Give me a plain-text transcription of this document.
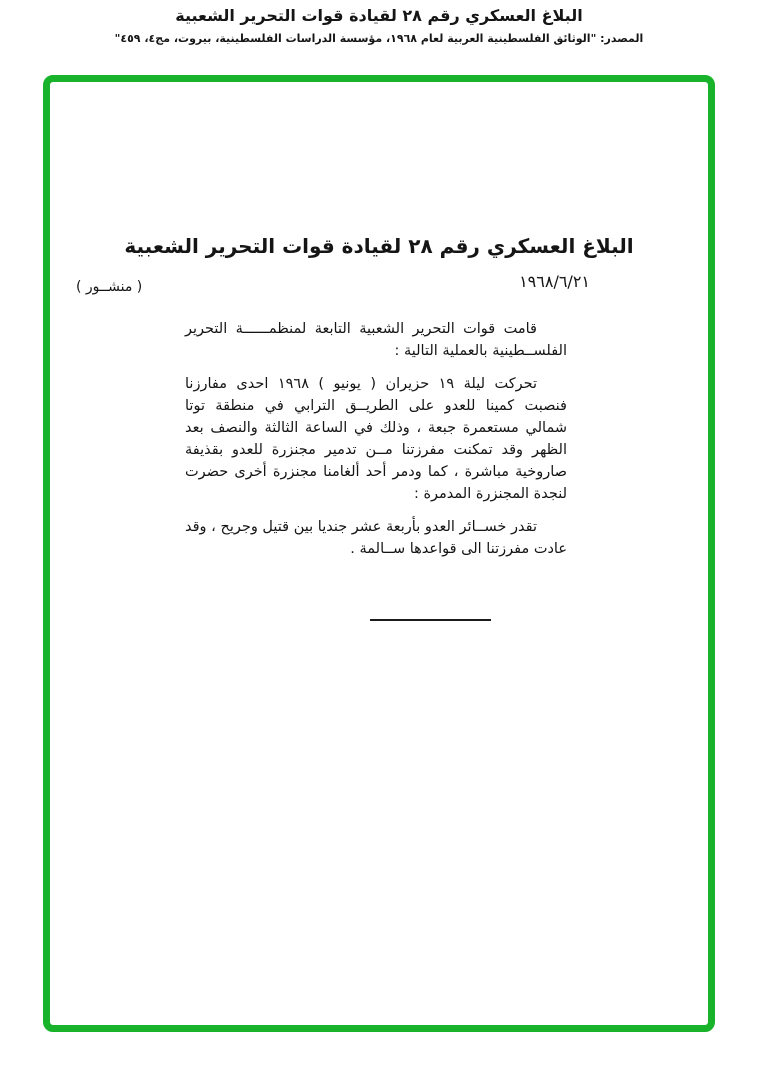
البلاغ العسكري رقم ٢٨ لقيادة قوات التحرير الشعبية
المصدر: "الوثائق الفلسطينية العربية لعام ١٩٦٨، مؤسسة الدراسات الفلسطينية، بيروت، مج٤، ٤٥٩"
البلاغ العسكري رقم ٢٨ لقيادة قوات التحرير الشعبية
١٩٦٨/٦/٢١
( منشــور )

قامت قوات التحرير الشعبية التابعة لمنظمــــــة التحرير الفلســطينية بالعملية التالية :

تحركت ليلة ١٩ حزيران ( يونيو ) ١٩٦٨ احدى مفارزنا فنصبت كمينا للعدو على الطريــق الترابي في منطقة توتا شمالي مستعمرة جبعة ، وذلك في الساعة الثالثة والنصف بعد الظهر وقد تمكنت مفرزتنا مــن تدمير مجنزرة للعدو بقذيفة صاروخية مباشرة ، كما ودمر أحد ألغامنا مجنزرة أخرى حضرت لنجدة المجنزرة المدمرة :

تقدر خســائر العدو بأربعة عشر جنديا بين قتيل وجريح ، وقد عادت مفرزتنا الى قواعدها ســالمة .
